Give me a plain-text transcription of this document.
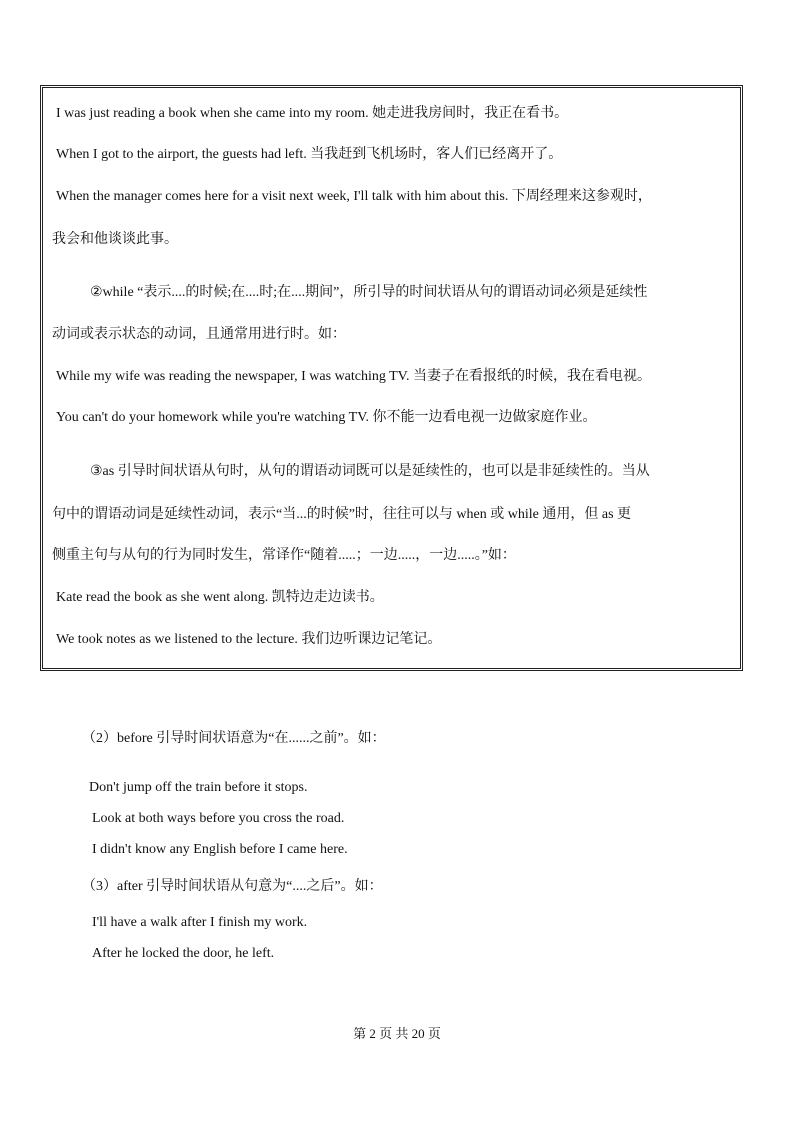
I was just reading a book when she came into my room. 她走进我房间时，我正在看书。
When I got to the airport, the guests had left. 当我赶到飞机场时，客人们已经离开了。
When the manager comes here for a visit next week, I'll talk with him about this. 下周经理来这参观时，
我会和他谈谈此事。
②while “表示....的时候;在....时;在....期间”，所引导的时间状语从句的谓语动词必须是延续性
动词或表示状态的动词，且通常用进行时。如：
While my wife was reading the newspaper, I was watching TV. 当妻子在看报纸的时候，我在看电视。
You can't do your homework while you're watching TV. 你不能一边看电视一边做家庭作业。
③as 引导时间状语从句时，从句的谓语动词既可以是延续性的，也可以是非延续性的。当从
句中的谓语动词是延续性动词，表示“当...的时候”时，往往可以与 when 或 while 通用，但 as 更
侧重主句与从句的行为同时发生，常译作“随着.....；一边.....，一边.....。”如：
Kate read the book as she went along. 凯特边走边读书。
We took notes as we listened to the lecture. 我们边听课边记笔记。
（2）before 引导时间状语意为“在......之前”。如：
Don't jump off the train before it stops.
Look at both ways before you cross the road.
I didn't know any English before I came here.
（3）after 引导时间状语从句意为“....之后”。如：
I'll have a walk after I finish my work.
After he locked the door, he left.
第 2 页 共 20 页
